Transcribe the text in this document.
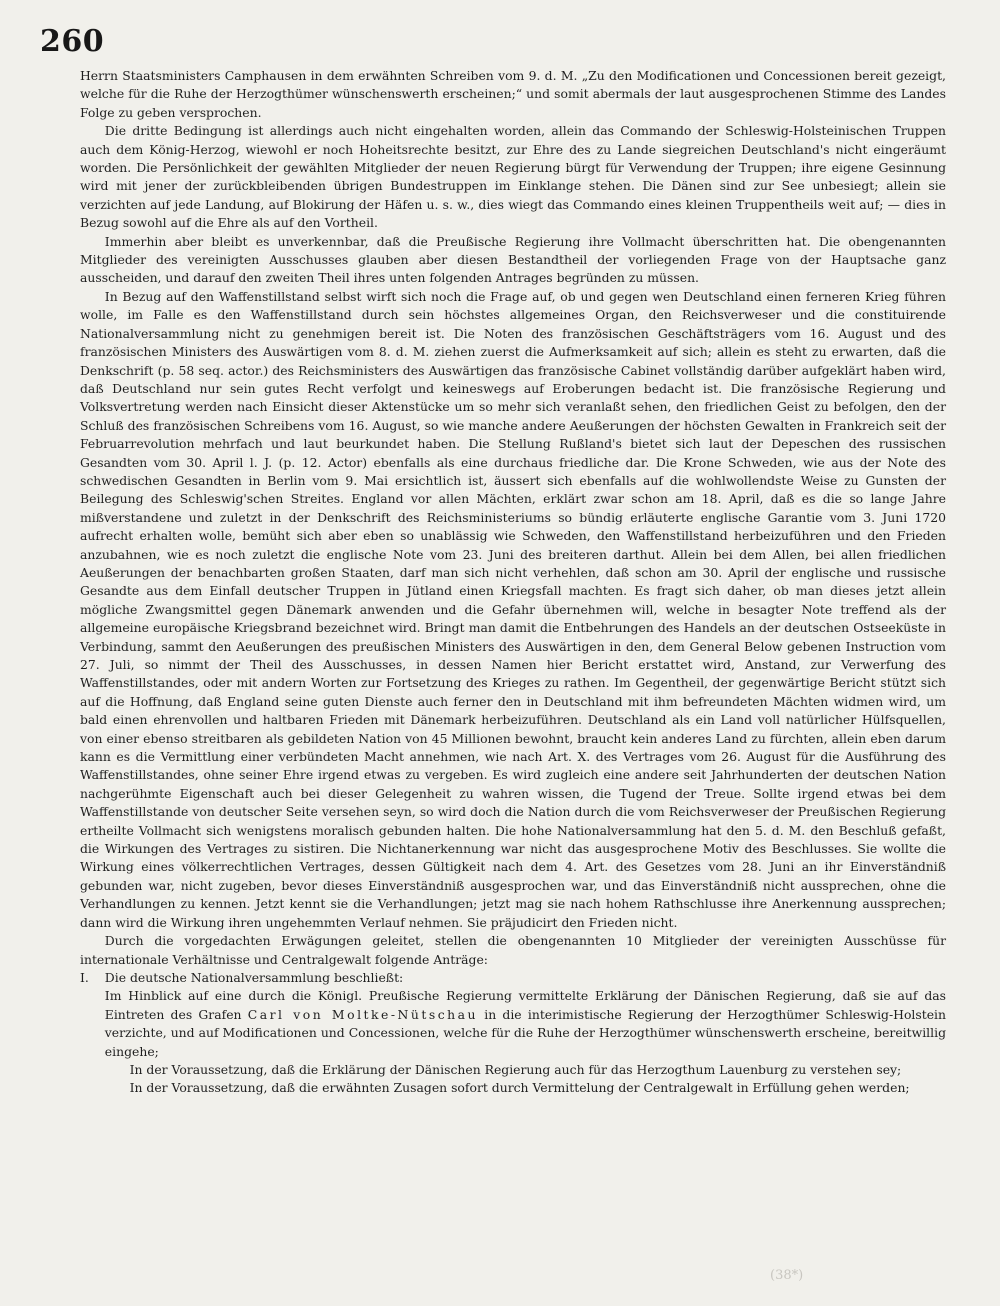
260

Herrn Staatsministers Camphausen in dem erwähnten Schreiben vom 9. d. M. „Zu den Modificationen und Concessionen bereit gezeigt, welche für die Ruhe der Herzogthümer wünschenswerth erscheinen;“ und somit abermals der laut ausgesprochenen Stimme des Landes Folge zu geben versprochen.

Die dritte Bedingung ist allerdings auch nicht eingehalten worden, allein das Commando der Schleswig-Holsteinischen Truppen auch dem König-Herzog, wiewohl er noch Hoheitsrechte besitzt, zur Ehre des zu Lande siegreichen Deutschland's nicht eingeräumt worden. Die Persönlichkeit der gewählten Mitglieder der neuen Regierung bürgt für Verwendung der Truppen; ihre eigene Gesinnung wird mit jener der zurückbleibenden übrigen Bundestruppen im Einklange stehen. Die Dänen sind zur See unbesiegt; allein sie verzichten auf jede Landung, auf Blokirung der Häfen u. s. w., dies wiegt das Commando eines kleinen Truppentheils weit auf; — dies in Bezug sowohl auf die Ehre als auf den Vortheil.

Immerhin aber bleibt es unverkennbar, daß die Preußische Regierung ihre Vollmacht überschritten hat. Die obengenannten Mitglieder des vereinigten Ausschusses glauben aber diesen Bestandtheil der vorliegenden Frage von der Hauptsache ganz ausscheiden, und darauf den zweiten Theil ihres unten folgenden Antrages begründen zu müssen.

In Bezug auf den Waffenstillstand selbst wirft sich noch die Frage auf, ob und gegen wen Deutschland einen ferneren Krieg führen wolle, im Falle es den Waffenstillstand durch sein höchstes allgemeines Organ, den Reichsverweser und die constituirende Nationalversammlung nicht zu genehmigen bereit ist. Die Noten des französischen Geschäftsträgers vom 16. August und des französischen Ministers des Auswärtigen vom 8. d. M. ziehen zuerst die Aufmerksamkeit auf sich; allein es steht zu erwarten, daß die Denkschrift (p. 58 seq. actor.) des Reichsministers des Auswärtigen das französische Cabinet vollständig darüber aufgeklärt haben wird, daß Deutschland nur sein gutes Recht verfolgt und keineswegs auf Eroberungen bedacht ist. Die französische Regierung und Volksvertretung werden nach Einsicht dieser Aktenstücke um so mehr sich veranlaßt sehen, den friedlichen Geist zu befolgen, den der Schluß des französischen Schreibens vom 16. August, so wie manche andere Aeußerungen der höchsten Gewalten in Frankreich seit der Februarrevolution mehrfach und laut beurkundet haben. Die Stellung Rußland's bietet sich laut der Depeschen des russischen Gesandten vom 30. April l. J. (p. 12. Actor) ebenfalls als eine durchaus friedliche dar. Die Krone Schweden, wie aus der Note des schwedischen Gesandten in Berlin vom 9. Mai ersichtlich ist, äussert sich ebenfalls auf die wohlwollendste Weise zu Gunsten der Beilegung des Schleswig'schen Streites. England vor allen Mächten, erklärt zwar schon am 18. April, daß es die so lange Jahre mißverstandene und zuletzt in der Denkschrift des Reichsministeriums so bündig erläuterte englische Garantie vom 3. Juni 1720 aufrecht erhalten wolle, bemüht sich aber eben so unablässig wie Schweden, den Waffenstillstand herbeizuführen und den Frieden anzubahnen, wie es noch zuletzt die englische Note vom 23. Juni des breiteren darthut. Allein bei dem Allen, bei allen friedlichen Aeußerungen der benachbarten großen Staaten, darf man sich nicht verhehlen, daß schon am 30. April der englische und russische Gesandte aus dem Einfall deutscher Truppen in Jütland einen Kriegsfall machten. Es fragt sich daher, ob man dieses jetzt allein mögliche Zwangsmittel gegen Dänemark anwenden und die Gefahr übernehmen will, welche in besagter Note treffend als der allgemeine europäische Kriegsbrand bezeichnet wird. Bringt man damit die Entbehrungen des Handels an der deutschen Ostseeküste in Verbindung, sammt den Aeußerungen des preußischen Ministers des Auswärtigen in den, dem General Below gebenen Instruction vom 27. Juli, so nimmt der Theil des Ausschusses, in dessen Namen hier Bericht erstattet wird, Anstand, zur Verwerfung des Waffenstillstandes, oder mit andern Worten zur Fortsetzung des Krieges zu rathen. Im Gegentheil, der gegenwärtige Bericht stützt sich auf die Hoffnung, daß England seine guten Dienste auch ferner den in Deutschland mit ihm befreundeten Mächten widmen wird, um bald einen ehrenvollen und haltbaren Frieden mit Dänemark herbeizuführen. Deutschland als ein Land voll natürlicher Hülfsquellen, von einer ebenso streitbaren als gebildeten Nation von 45 Millionen bewohnt, braucht kein anderes Land zu fürchten, allein eben darum kann es die Vermittlung einer verbündeten Macht annehmen, wie nach Art. X. des Vertrages vom 26. August für die Ausführung des Waffenstillstandes, ohne seiner Ehre irgend etwas zu vergeben. Es wird zugleich eine andere seit Jahrhunderten der deutschen Nation nachgerühmte Eigenschaft auch bei dieser Gelegenheit zu wahren wissen, die Tugend der Treue. Sollte irgend etwas bei dem Waffenstillstande von deutscher Seite versehen seyn, so wird doch die Nation durch die vom Reichsverweser der Preußischen Regierung ertheilte Vollmacht sich wenigstens moralisch gebunden halten. Die hohe Nationalversammlung hat den 5. d. M. den Beschluß gefaßt, die Wirkungen des Vertrages zu sistiren. Die Nichtanerkennung war nicht das ausgesprochene Motiv des Beschlusses. Sie wollte die Wirkung eines völkerrechtlichen Vertrages, dessen Gültigkeit nach dem 4. Art. des Gesetzes vom 28. Juni an ihr Einverständniß gebunden war, nicht zugeben, bevor dieses Einverständniß ausgesprochen war, und das Einverständniß nicht aussprechen, ohne die Verhandlungen zu kennen. Jetzt kennt sie die Verhandlungen; jetzt mag sie nach hohem Rathschlusse ihre Anerkennung aussprechen; dann wird die Wirkung ihren ungehemmten Verlauf nehmen. Sie präjudicirt den Frieden nicht.

Durch die vorgedachten Erwägungen geleitet, stellen die obengenannten 10 Mitglieder der vereinigten Ausschüsse für internationale Verhältnisse und Centralgewalt folgende Anträge:

I. Die deutsche Nationalversammlung beschließt:

Im Hinblick auf eine durch die Königl. Preußische Regierung vermittelte Erklärung der Dänischen Regierung, daß sie auf das Eintreten des Grafen Carl von Moltke-Nütschau in die interimistische Regierung der Herzogthümer Schleswig-Holstein verzichte, und auf Modificationen und Concessionen, welche für die Ruhe der Herzogthümer wünschenswerth erscheine, bereitwillig eingehe;

In der Voraussetzung, daß die Erklärung der Dänischen Regierung auch für das Herzogthum Lauenburg zu verstehen sey;

In der Voraussetzung, daß die erwähnten Zusagen sofort durch Vermittelung der Centralgewalt in Erfüllung gehen werden;

(38*)
